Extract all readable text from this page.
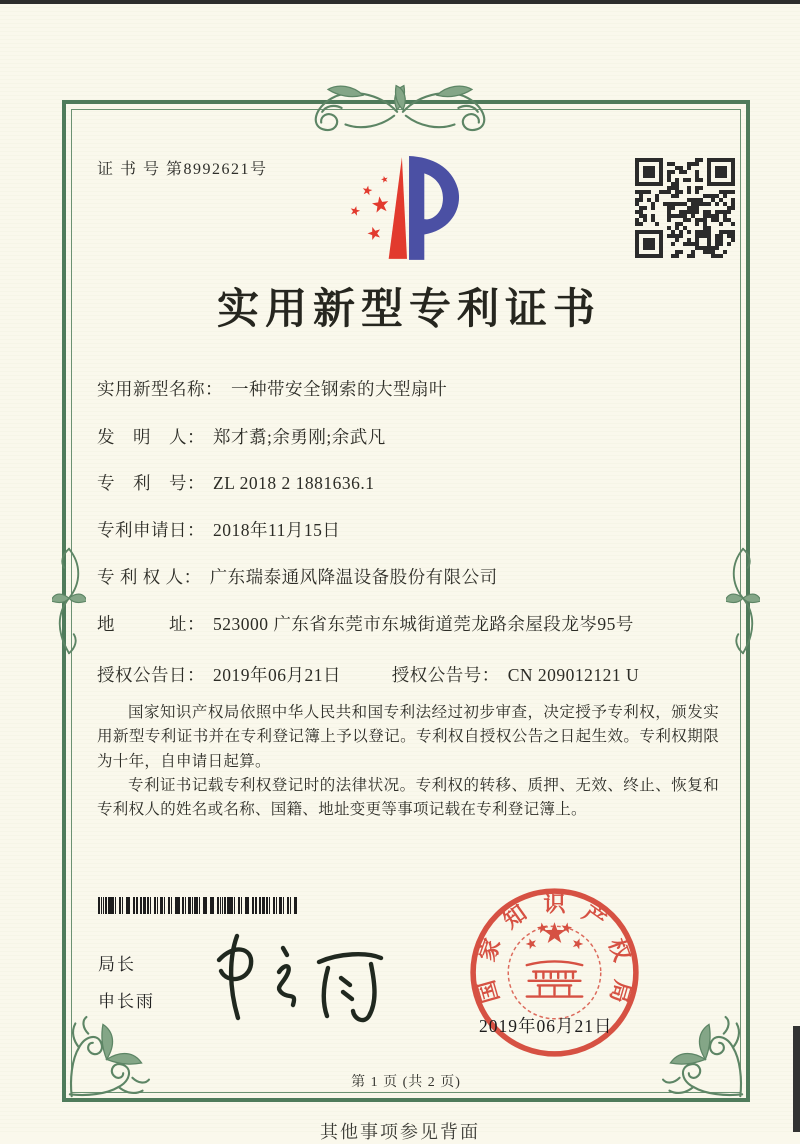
证 书 号 第8992621号
实用新型专利证书
实用新型名称： 一种带安全钢索的大型扇叶
发　明　人： 郑才翥;余勇刚;余武凡
专　利　号： ZL 2018 2 1881636.1
专利申请日： 2018年11月15日
专 利 权 人： 广东瑞泰通风降温设备股份有限公司
地　　　址： 523000 广东省东莞市东城街道莞龙路余屋段龙岑95号
授权公告日： 2019年06月21日	授权公告号： CN 209012121 U

国家知识产权局依照中华人民共和国专利法经过初步审查，决定授予专利权，颁发实用新型专利证书并在专利登记簿上予以登记。专利权自授权公告之日起生效。专利权期限为十年，自申请日起算。

专利证书记载专利权登记时的法律状况。专利权的转移、质押、无效、终止、恢复和专利权人的姓名或名称、国籍、地址变更等事项记载在专利登记簿上。

局长
申长雨	国家知识产权局
2019年06月21日
第 1 页 (共 2 页)
其他事项参见背面
